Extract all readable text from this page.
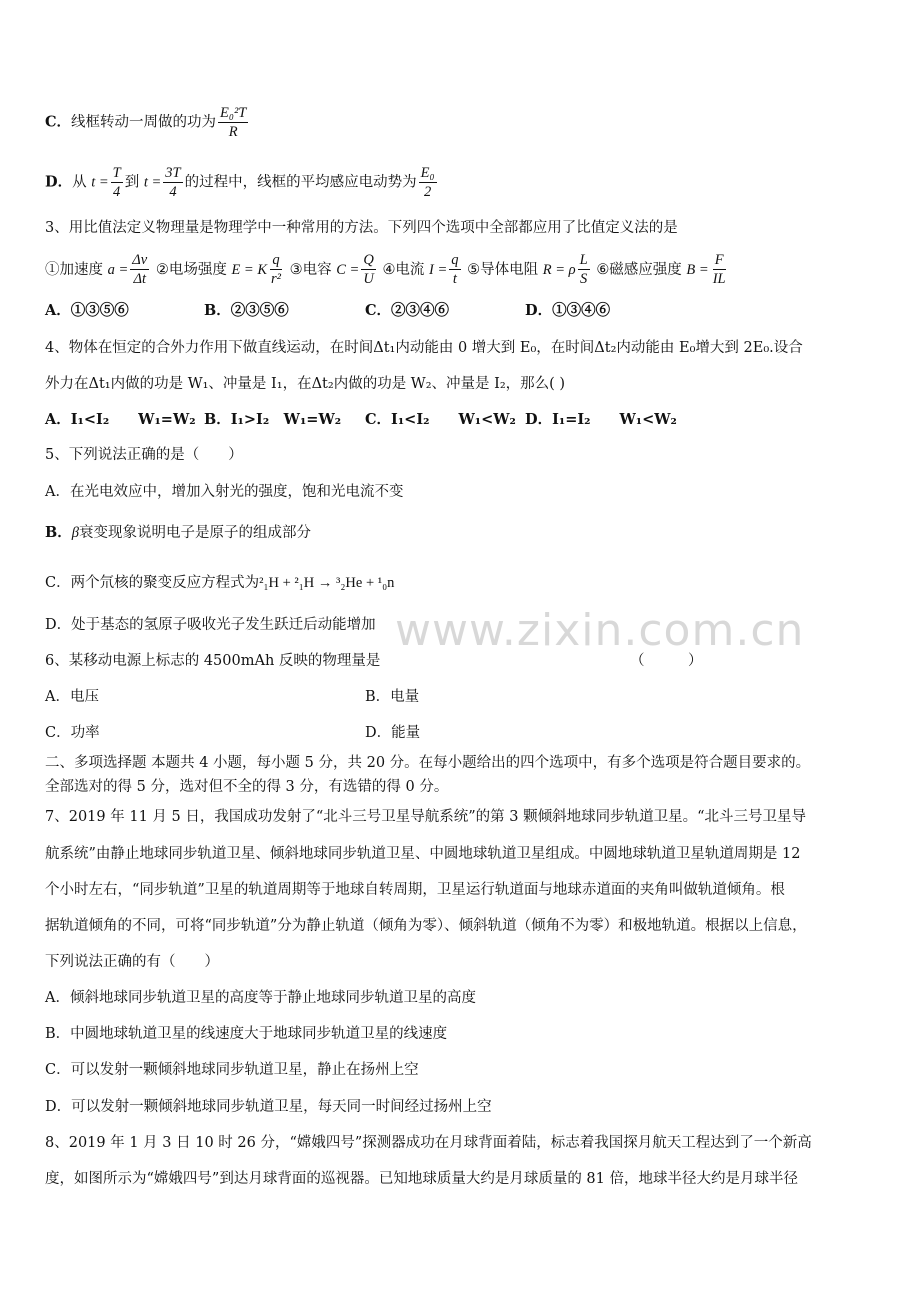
www.zixin.com.cn
C．线框转动一周做的功为 $\frac{\text{E₀²T}}{R}$
D．从 $t = \frac{T}{4}$ 到 $t = \frac{3T}{4}$ 的过程中，线框的平均感应电动势为 $\frac{\text{E₀}}{2}$
3、用比值法定义物理量是物理学中一种常用的方法。下列四个选项中全部都应用了比值定义法的是
①加速度 $a = \frac{\Delta v}{\Delta t}$ ②电场强度 E = K $\frac{q}{\text{r²}}$ ③电容 $C = \frac{Q}{U}$ ④电流 $I = \frac{q}{t}$ ⑤导体电阻 R = ρ $\frac{L}{S}$ ⑥磁感应强度 $B = \frac{F}{IL}$
A．①③⑤⑥	B．②③⑤⑥	C．②③④⑥	D．①③④⑥
4、物体在恒定的合外力作用下做直线运动，在时间Δt₁内动能由 0 增大到 E₀，在时间Δt₂内动能由 E₀增大到 2E₀.设合
外力在Δt₁内做的功是 W₁、冲量是 I₁，在Δt₂内做的功是 W₂、冲量是 I₂，那么( )
A．I₁<I₂　　W₁=W₂ B．I₁>I₂　W₁=W₂ C．I₁<I₂　　W₁<W₂ D．I₁=I₂　　W₁<W₂
5、下列说法正确的是（　　）
A．在光电效应中，增加入射光的强度，饱和光电流不变
B．β衰变现象说明电子是原子的组成部分
C．两个氘核的聚变反应方程式为²₁H + ²₁H → ³₂He + ¹₀n
D．处于基态的氢原子吸收光子发生跃迁后动能增加
6、某移动电源上标志的 4500mAh 反映的物理量是	（　　　）
A．电压	B．电量
C．功率	D．能量
二、多项选择题 本题共 4 小题，每小题 5 分，共 20 分。在每小题给出的四个选项中，有多个选项是符合题目要求的。
全部选对的得 5 分，选对但不全的得 3 分，有选错的得 0 分。
7、2019 年 11 月 5 日，我国成功发射了“北斗三号卫星导航系统”的第 3 颗倾斜地球同步轨道卫星。“北斗三号卫星导
航系统”由静止地球同步轨道卫星、倾斜地球同步轨道卫星、中圆地球轨道卫星组成。中圆地球轨道卫星轨道周期是 12
个小时左右，“同步轨道”卫星的轨道周期等于地球自转周期，卫星运行轨道面与地球赤道面的夹角叫做轨道倾角。根
据轨道倾角的不同，可将“同步轨道”分为静止轨道（倾角为零）、倾斜轨道（倾角不为零）和极地轨道。根据以上信息，
下列说法正确的有（　　）
A．倾斜地球同步轨道卫星的高度等于静止地球同步轨道卫星的高度
B．中圆地球轨道卫星的线速度大于地球同步轨道卫星的线速度
C．可以发射一颗倾斜地球同步轨道卫星，静止在扬州上空
D．可以发射一颗倾斜地球同步轨道卫星，每天同一时间经过扬州上空
8、2019 年 1 月 3 日 10 时 26 分，“嫦娥四号”探测器成功在月球背面着陆，标志着我国探月航天工程达到了一个新高
度，如图所示为“嫦娥四号”到达月球背面的巡视器。已知地球质量大约是月球质量的 81 倍，地球半径大约是月球半径
